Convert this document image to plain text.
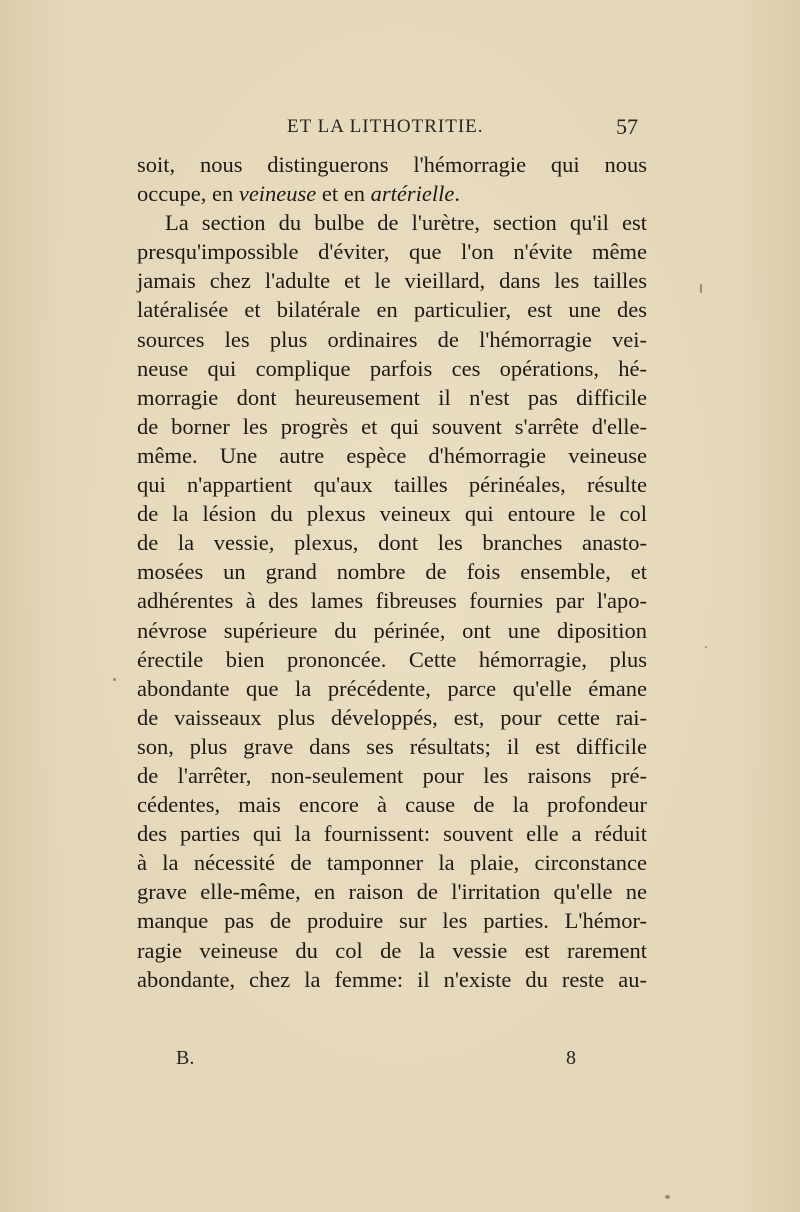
ET LA LITHOTRITIE.	57
soit, nous distinguerons l'hémorragie qui nous
occupe, en veineuse et en artérielle.
La section du bulbe de l'urètre, section qu'il est
presqu'impossible d'éviter, que l'on n'évite même
jamais chez l'adulte et le vieillard, dans les tailles
latéralisée et bilatérale en particulier, est une des
sources les plus ordinaires de l'hémorragie vei-
neuse qui complique parfois ces opérations, hé-
morragie dont heureusement il n'est pas difficile
de borner les progrès et qui souvent s'arrête d'elle-
même. Une autre espèce d'hémorragie veineuse
qui n'appartient qu'aux tailles périnéales, résulte
de la lésion du plexus veineux qui entoure le col
de la vessie, plexus, dont les branches anasto-
mosées un grand nombre de fois ensemble, et
adhérentes à des lames fibreuses fournies par l'apo-
névrose supérieure du périnée, ont une diposition
érectile bien prononcée. Cette hémorragie, plus
abondante que la précédente, parce qu'elle émane
de vaisseaux plus développés, est, pour cette rai-
son, plus grave dans ses résultats; il est difficile
de l'arrêter, non-seulement pour les raisons pré-
cédentes, mais encore à cause de la profondeur
des parties qui la fournissent: souvent elle a réduit
à la nécessité de tamponner la plaie, circonstance
grave elle-même, en raison de l'irritation qu'elle ne
manque pas de produire sur les parties. L'hémor-
ragie veineuse du col de la vessie est rarement
abondante, chez la femme: il n'existe du reste au-
B.	8
